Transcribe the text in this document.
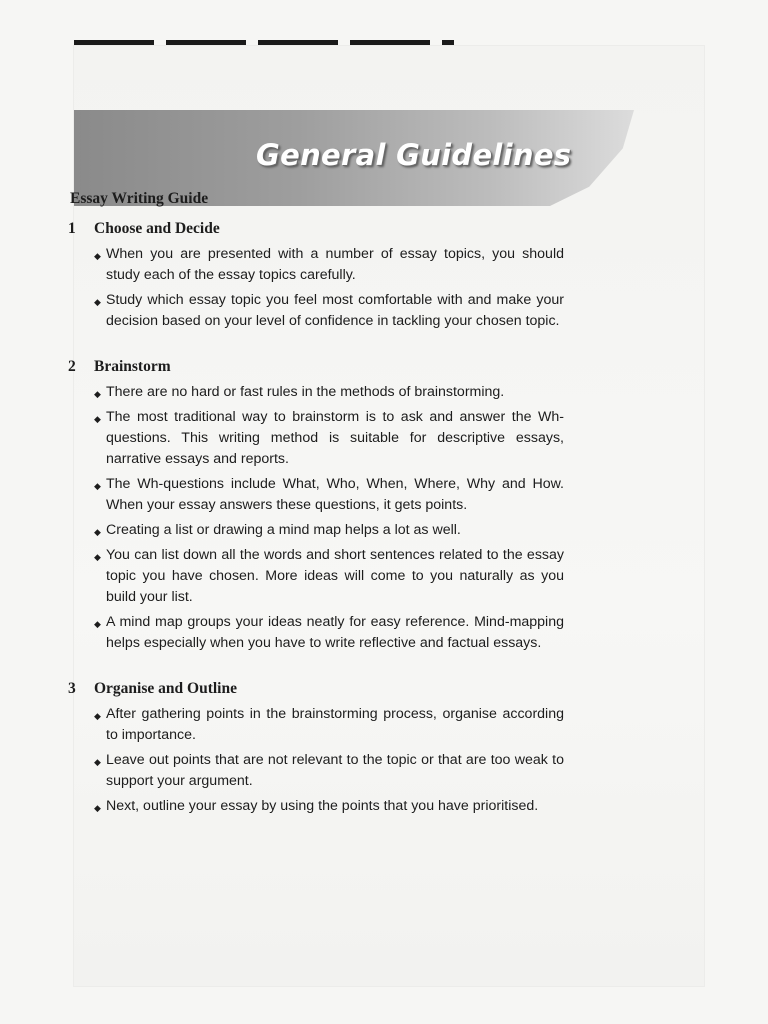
General Guidelines
Essay Writing Guide
1 Choose and Decide
◆ When you are presented with a number of essay topics, you should study each of the essay topics carefully.
◆ Study which essay topic you feel most comfortable with and make your decision based on your level of confidence in tackling your chosen topic.
2 Brainstorm
◆ There are no hard or fast rules in the methods of brainstorming.
◆ The most traditional way to brainstorm is to ask and answer the Wh-questions. This writing method is suitable for descriptive essays, narrative essays and reports.
◆ The Wh-questions include What, Who, When, Where, Why and How. When your essay answers these questions, it gets points.
◆ Creating a list or drawing a mind map helps a lot as well.
◆ You can list down all the words and short sentences related to the essay topic you have chosen. More ideas will come to you naturally as you build your list.
◆ A mind map groups your ideas neatly for easy reference. Mind-mapping helps especially when you have to write reflective and factual essays.
3 Organise and Outline
◆ After gathering points in the brainstorming process, organise according to importance.
◆ Leave out points that are not relevant to the topic or that are too weak to support your argument.
◆ Next, outline your essay by using the points that you have prioritised.
